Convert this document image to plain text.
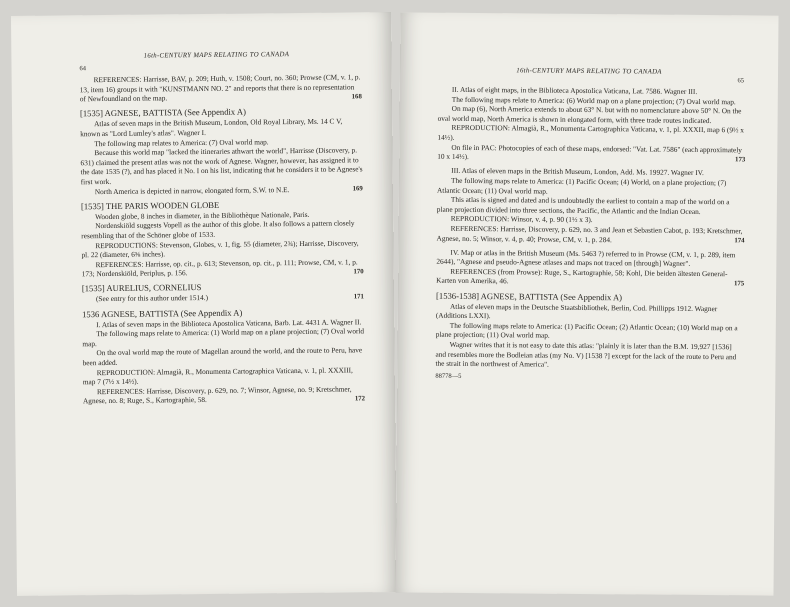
16th-CENTURY MAPS RELATING TO CANADA
64

REFERENCES: Harrisse, BAV, p. 209; Huth, v. 1508; Court, no. 360; Prowse (CM, v. 1, p. 13, item 16) groups it with "KUNSTMANN NO. 2" and reports that there is no representation of Newfoundland on the map.	168
[1535] AGNESE, BATTISTA (See Appendix A)

Atlas of seven maps in the British Museum, London, Old Royal Library, Ms. 14 C V, known as "Lord Lumley's atlas". Wagner I.

The following map relates to America: (7) Oval world map.

Because this world map "lacked the itineraries athwart the world", Harrisse (Discovery, p. 631) claimed the present atlas was not the work of Agnese. Wagner, however, has assigned it to the date 1535 (?), and has placed it No. I on his list, indicating that he considers it to be Agnese's first work.

North America is depicted in narrow, elongated form, S.W. to N.E.	169
[1535] THE PARIS WOODEN GLOBE

Wooden globe, 8 inches in diameter, in the Bibliothèque Nationale, Paris.

Nordenskiöld suggests Vopell as the author of this globe. It also follows a pattern closely resembling that of the Schöner globe of 1533.

REPRODUCTIONS: Stevenson, Globes, v. 1, fig. 55 (diameter, 2¾); Harrisse, Discovery, pl. 22 (diameter, 6⅝ inches).

REFERENCES: Harrisse, op. cit., p. 613; Stevenson, op. cit., p. 111; Prowse, CM, v. 1, p. 173; Nordenskiöld, Periplus, p. 156.	170
[1535] AURELIUS, CORNELIUS

(See entry for this author under 1514.)	171
1536 AGNESE, BATTISTA (See Appendix A)

I. Atlas of seven maps in the Biblioteca Apostolica Vaticana, Barb. Lat. 4431 A. Wagner II.

The following maps relate to America: (1) World map on a plane projection; (7) Oval world map.

On the oval world map the route of Magellan around the world, and the route to Peru, have been added.

REPRODUCTION: Almagià, R., Monumenta Cartographica Vaticana, v. 1, pl. XXXIII, map 7 (7½ x 14½).

REFERENCES: Harrisse, Discovery, p. 629, no. 7; Winsor, Agnese, no. 9; Kretschmer, Agnese, no. 8; Ruge, S., Kartographie, 58.	172
16th-CENTURY MAPS RELATING TO CANADA
65

II. Atlas of eight maps, in the Biblioteca Apostolica Vaticana, Lat. 7586. Wagner III.

The following maps relate to America: (6) World map on a plane projection; (7) Oval world map.

On map (6), North America extends to about 63° N. but with no nomenclature above 50° N. On the oval world map, North America is shown in elongated form, with three trade routes indicated.

REPRODUCTION: Almagià, R., Monumenta Cartographica Vaticana, v. 1, pl. XXXII, map 6 (9½ x 14½).

On file in PAC: Photocopies of each of these maps, endorsed: "Vat. Lat. 7586" (each approximately 10 x 14½).	173

III. Atlas of eleven maps in the British Museum, London, Add. Ms. 19927. Wagner IV.

The following maps relate to America: (1) Pacific Ocean; (4) World, on a plane projection; (7) Atlantic Ocean; (11) Oval world map.

This atlas is signed and dated and is undoubtedly the earliest to contain a map of the world on a plane projection divided into three sections, the Pacific, the Atlantic and the Indian Ocean.

REPRODUCTION: Winsor, v. 4, p. 90 (1½ x 3).

REFERENCES: Harrisse, Discovery, p. 629, no. 3 and Jean et Sebastien Cabot, p. 193; Kretschmer, Agnese, no. 5; Winsor, v. 4, p. 40; Prowse, CM, v. 1, p. 284.	174

IV. Map or atlas in the British Museum (Ms. 5463 ?) referred to in Prowse (CM, v. 1, p. 289, item 2644), "Agnese and pseudo-Agnese atlases and maps not traced on [through] Wagner".

REFERENCES (from Prowse): Ruge, S., Kartographie, 58; Kohl, Die beiden ältesten General-Karten von Amerika, 46.	175
[1536-1538] AGNESE, BATTISTA (See Appendix A)

Atlas of eleven maps in the Deutsche Staatsbibliothek, Berlin, Cod. Phillipps 1912. Wagner (Additions LXXI).

The following maps relate to America: (1) Pacific Ocean; (2) Atlantic Ocean; (10) World map on a plane projection; (11) Oval world map.

Wagner writes that it is not easy to date this atlas: "plainly it is later than the B.M. 19,927 [1536] and resembles more the Bodleian atlas (my No. V) [1538 ?] except for the lack of the route to Peru and the strait in the northwest of America".

88778—5
